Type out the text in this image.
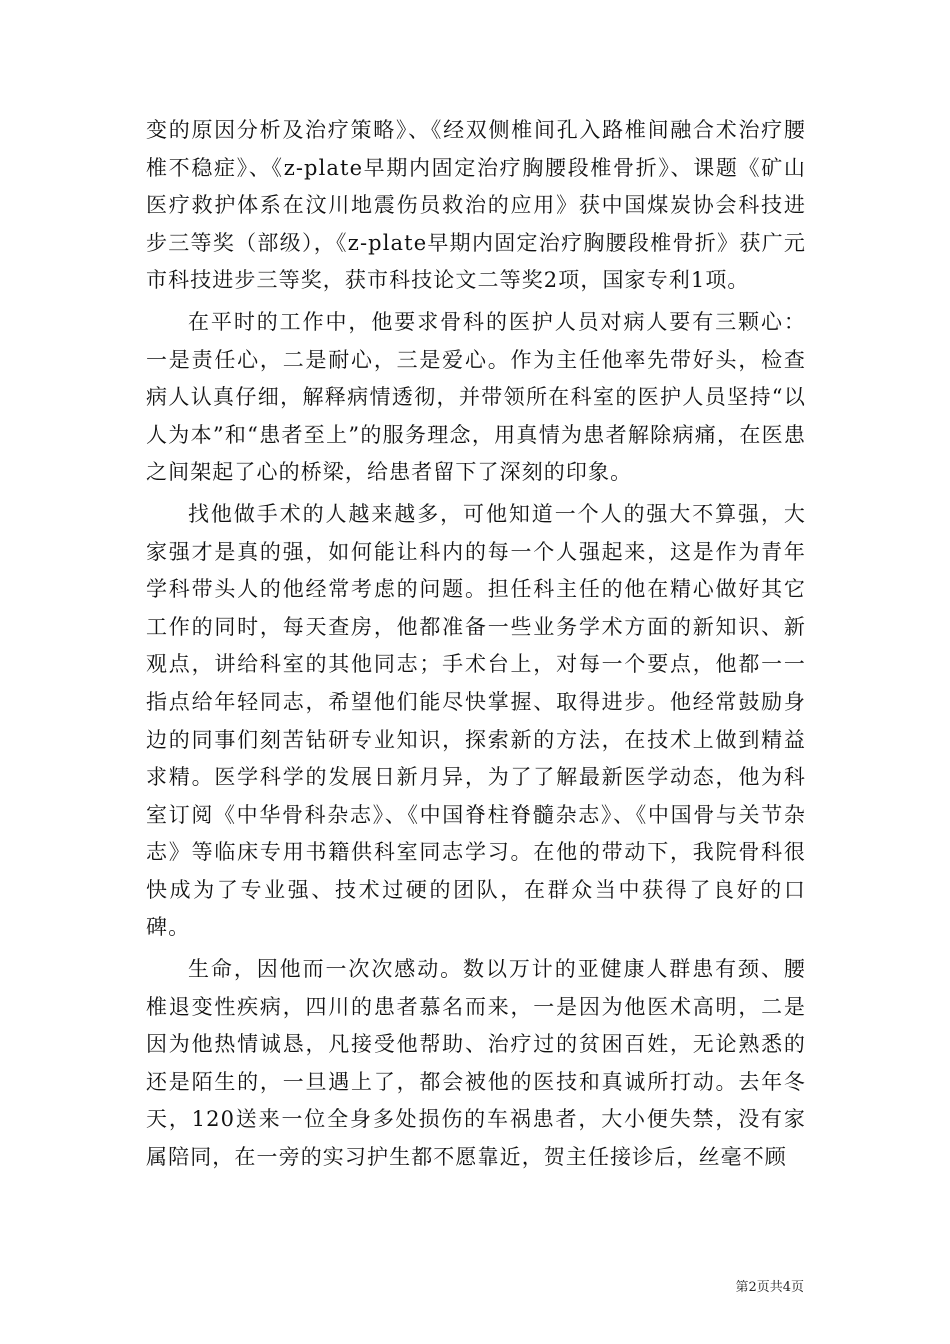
变的原因分析及治疗策略》、《经双侧椎间孔入路椎间融合术治疗腰椎不稳症》、《z-plate早期内固定治疗胸腰段椎骨折》、课题《矿山医疗救护体系在汶川地震伤员救治的应用》获中国煤炭协会科技进步三等奖（部级），《z-plate早期内固定治疗胸腰段椎骨折》获广元市科技进步三等奖，获市科技论文二等奖2项，国家专利1项。

在平时的工作中，他要求骨科的医护人员对病人要有三颗心：一是责任心，二是耐心，三是爱心。作为主任他率先带好头，检查病人认真仔细，解释病情透彻，并带领所在科室的医护人员坚持“以人为本”和“患者至上”的服务理念，用真情为患者解除病痛，在医患之间架起了心的桥梁，给患者留下了深刻的印象。

找他做手术的人越来越多，可他知道一个人的强大不算强，大家强才是真的强，如何能让科内的每一个人强起来，这是作为青年学科带头人的他经常考虑的问题。担任科主任的他在精心做好其它工作的同时，每天查房，他都准备一些业务学术方面的新知识、新观点，讲给科室的其他同志；手术台上，对每一个要点，他都一一指点给年轻同志，希望他们能尽快掌握、取得进步。他经常鼓励身边的同事们刻苦钻研专业知识，探索新的方法，在技术上做到精益求精。医学科学的发展日新月异，为了了解最新医学动态，他为科室订阅《中华骨科杂志》、《中国脊柱脊髓杂志》、《中国骨与关节杂志》等临床专用书籍供科室同志学习。在他的带动下，我院骨科很快成为了专业强、技术过硬的团队，在群众当中获得了良好的口碑。

生命，因他而一次次感动。数以万计的亚健康人群患有颈、腰椎退变性疾病，四川的患者慕名而来，一是因为他医术高明，二是因为他热情诚恳，凡接受他帮助、治疗过的贫困百姓，无论熟悉的还是陌生的，一旦遇上了，都会被他的医技和真诚所打动。去年冬天，120送来一位全身多处损伤的车祸患者，大小便失禁，没有家属陪同，在一旁的实习护生都不愿靠近，贺主任接诊后，丝毫不顾

第2页共4页
